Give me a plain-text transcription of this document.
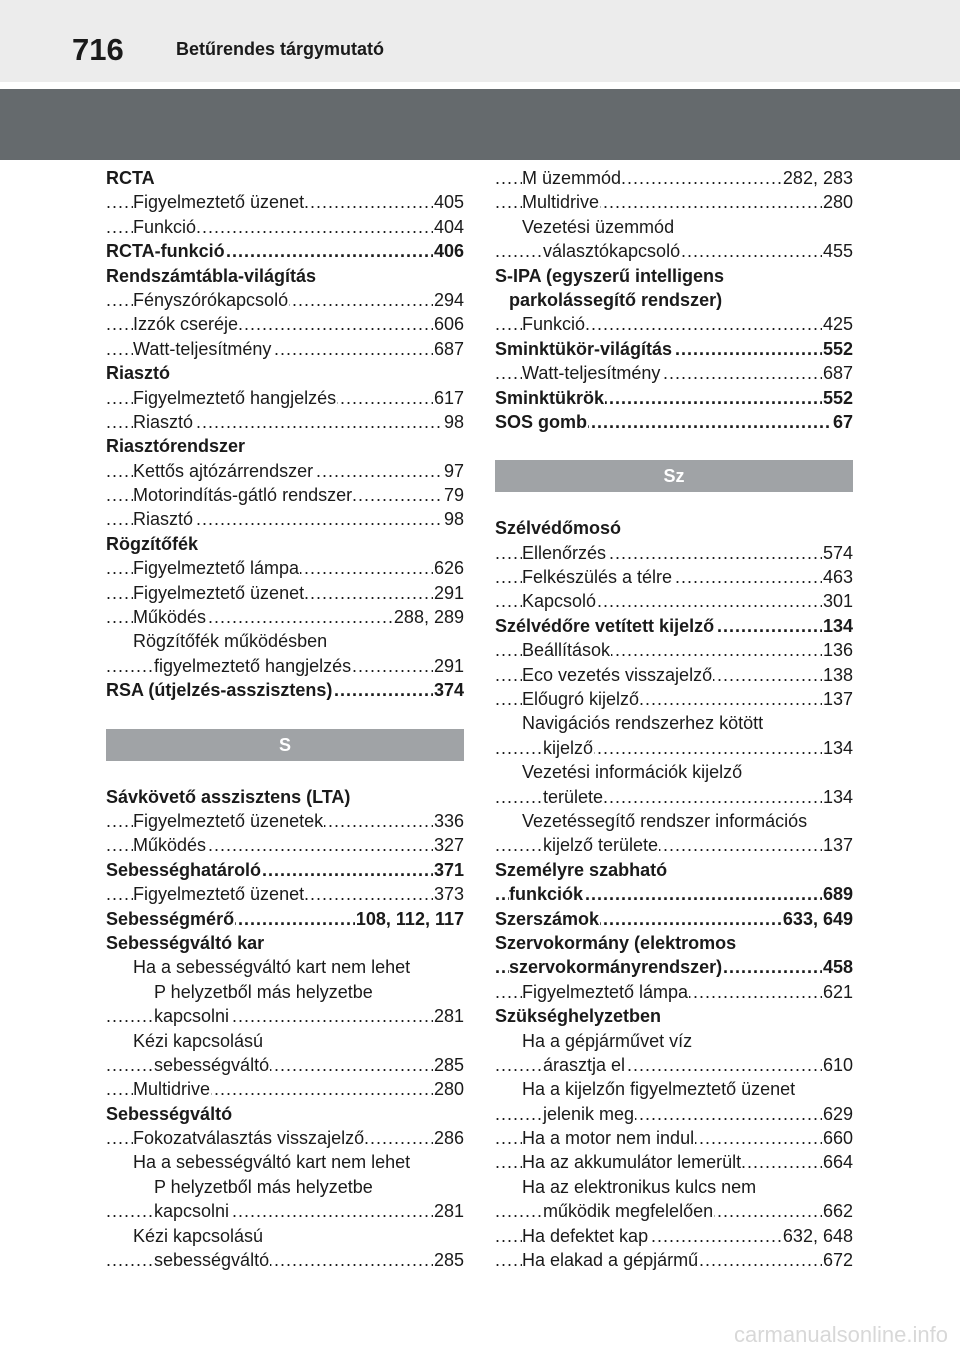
716	Betűrendes tárgymutató
RCTA
.....
Figyelmeztető üzenet	405
.....
Funkció	404
.....
RCTA-funkció	406
Rendszámtábla-világítás
.....
Fényszórókapcsoló	294
.....
Izzók cseréje	606
.....
Watt-teljesítmény	687
Riasztó
.....
Figyelmeztető hangjelzés	617
.....
Riasztó	98
Riasztórendszer
.....
Kettős ajtózárrendszer	97
.....
Motorindítás-gátló rendszer	79
.....
Riasztó	98
Rögzítőfék
.....
Figyelmeztető lámpa	626
.....
Figyelmeztető üzenet	291
.....
Működés	288, 289
Rögzítőfék működésben
.....
figyelmeztető hangjelzés	291
.....
RSA (útjelzés-asszisztens)	374
S
Sávkövető asszisztens (LTA)
.....
Figyelmeztető üzenetek	336
.....
Működés	327
.....
Sebességhatároló	371
.....
Figyelmeztető üzenet	373
.....
Sebességmérő	108, 112, 117
Sebességváltó kar
Ha a sebességváltó kart nem lehet
P helyzetből más helyzetbe
.....
kapcsolni	281
Kézi kapcsolású
.....
sebességváltó	285
.....
Multidrive	280
Sebességváltó
.....
Fokozatválasztás visszajelző	286
Ha a sebességváltó kart nem lehet
P helyzetből más helyzetbe
.....
kapcsolni	281
Kézi kapcsolású
.....
sebességváltó	285
.....
M üzemmód	282, 283
.....
Multidrive	280
Vezetési üzemmód
.....
választókapcsoló	455
S-IPA (egyszerű intelligens
parkolássegítő rendszer)
.....
Funkció	425
.....
Sminktükör-világítás	552
.....
Watt-teljesítmény	687
.....
Sminktükrök	552
.....
SOS gomb	67
Sz
Szélvédőmosó
.....
Ellenőrzés	574
.....
Felkészülés a télre	463
.....
Kapcsoló	301
.....
Szélvédőre vetített kijelző	134
.....
Beállítások	136
.....
Eco vezetés visszajelző	138
.....
Előugró kijelző	137
Navigációs rendszerhez kötött
.....
kijelző	134
Vezetési információk kijelző
.....
területe	134
Vezetéssegítő rendszer információs
.....
kijelző területe	137
Személyre szabható
.....
funkciók	689
.....
Szerszámok	633, 649
Szervokormány (elektromos
.....
szervokormányrendszer)	458
.....
Figyelmeztető lámpa	621
Szükséghelyzetben
Ha a gépjárművet víz
.....
árasztja el	610
Ha a kijelzőn figyelmeztető üzenet
.....
jelenik meg	629
.....
Ha a motor nem indul	660
.....
Ha az akkumulátor lemerült	664
Ha az elektronikus kulcs nem
.....
működik megfelelően	662
.....
Ha defektet kap	632, 648
.....
Ha elakad a gépjármű	672
carmanualsonline.info
